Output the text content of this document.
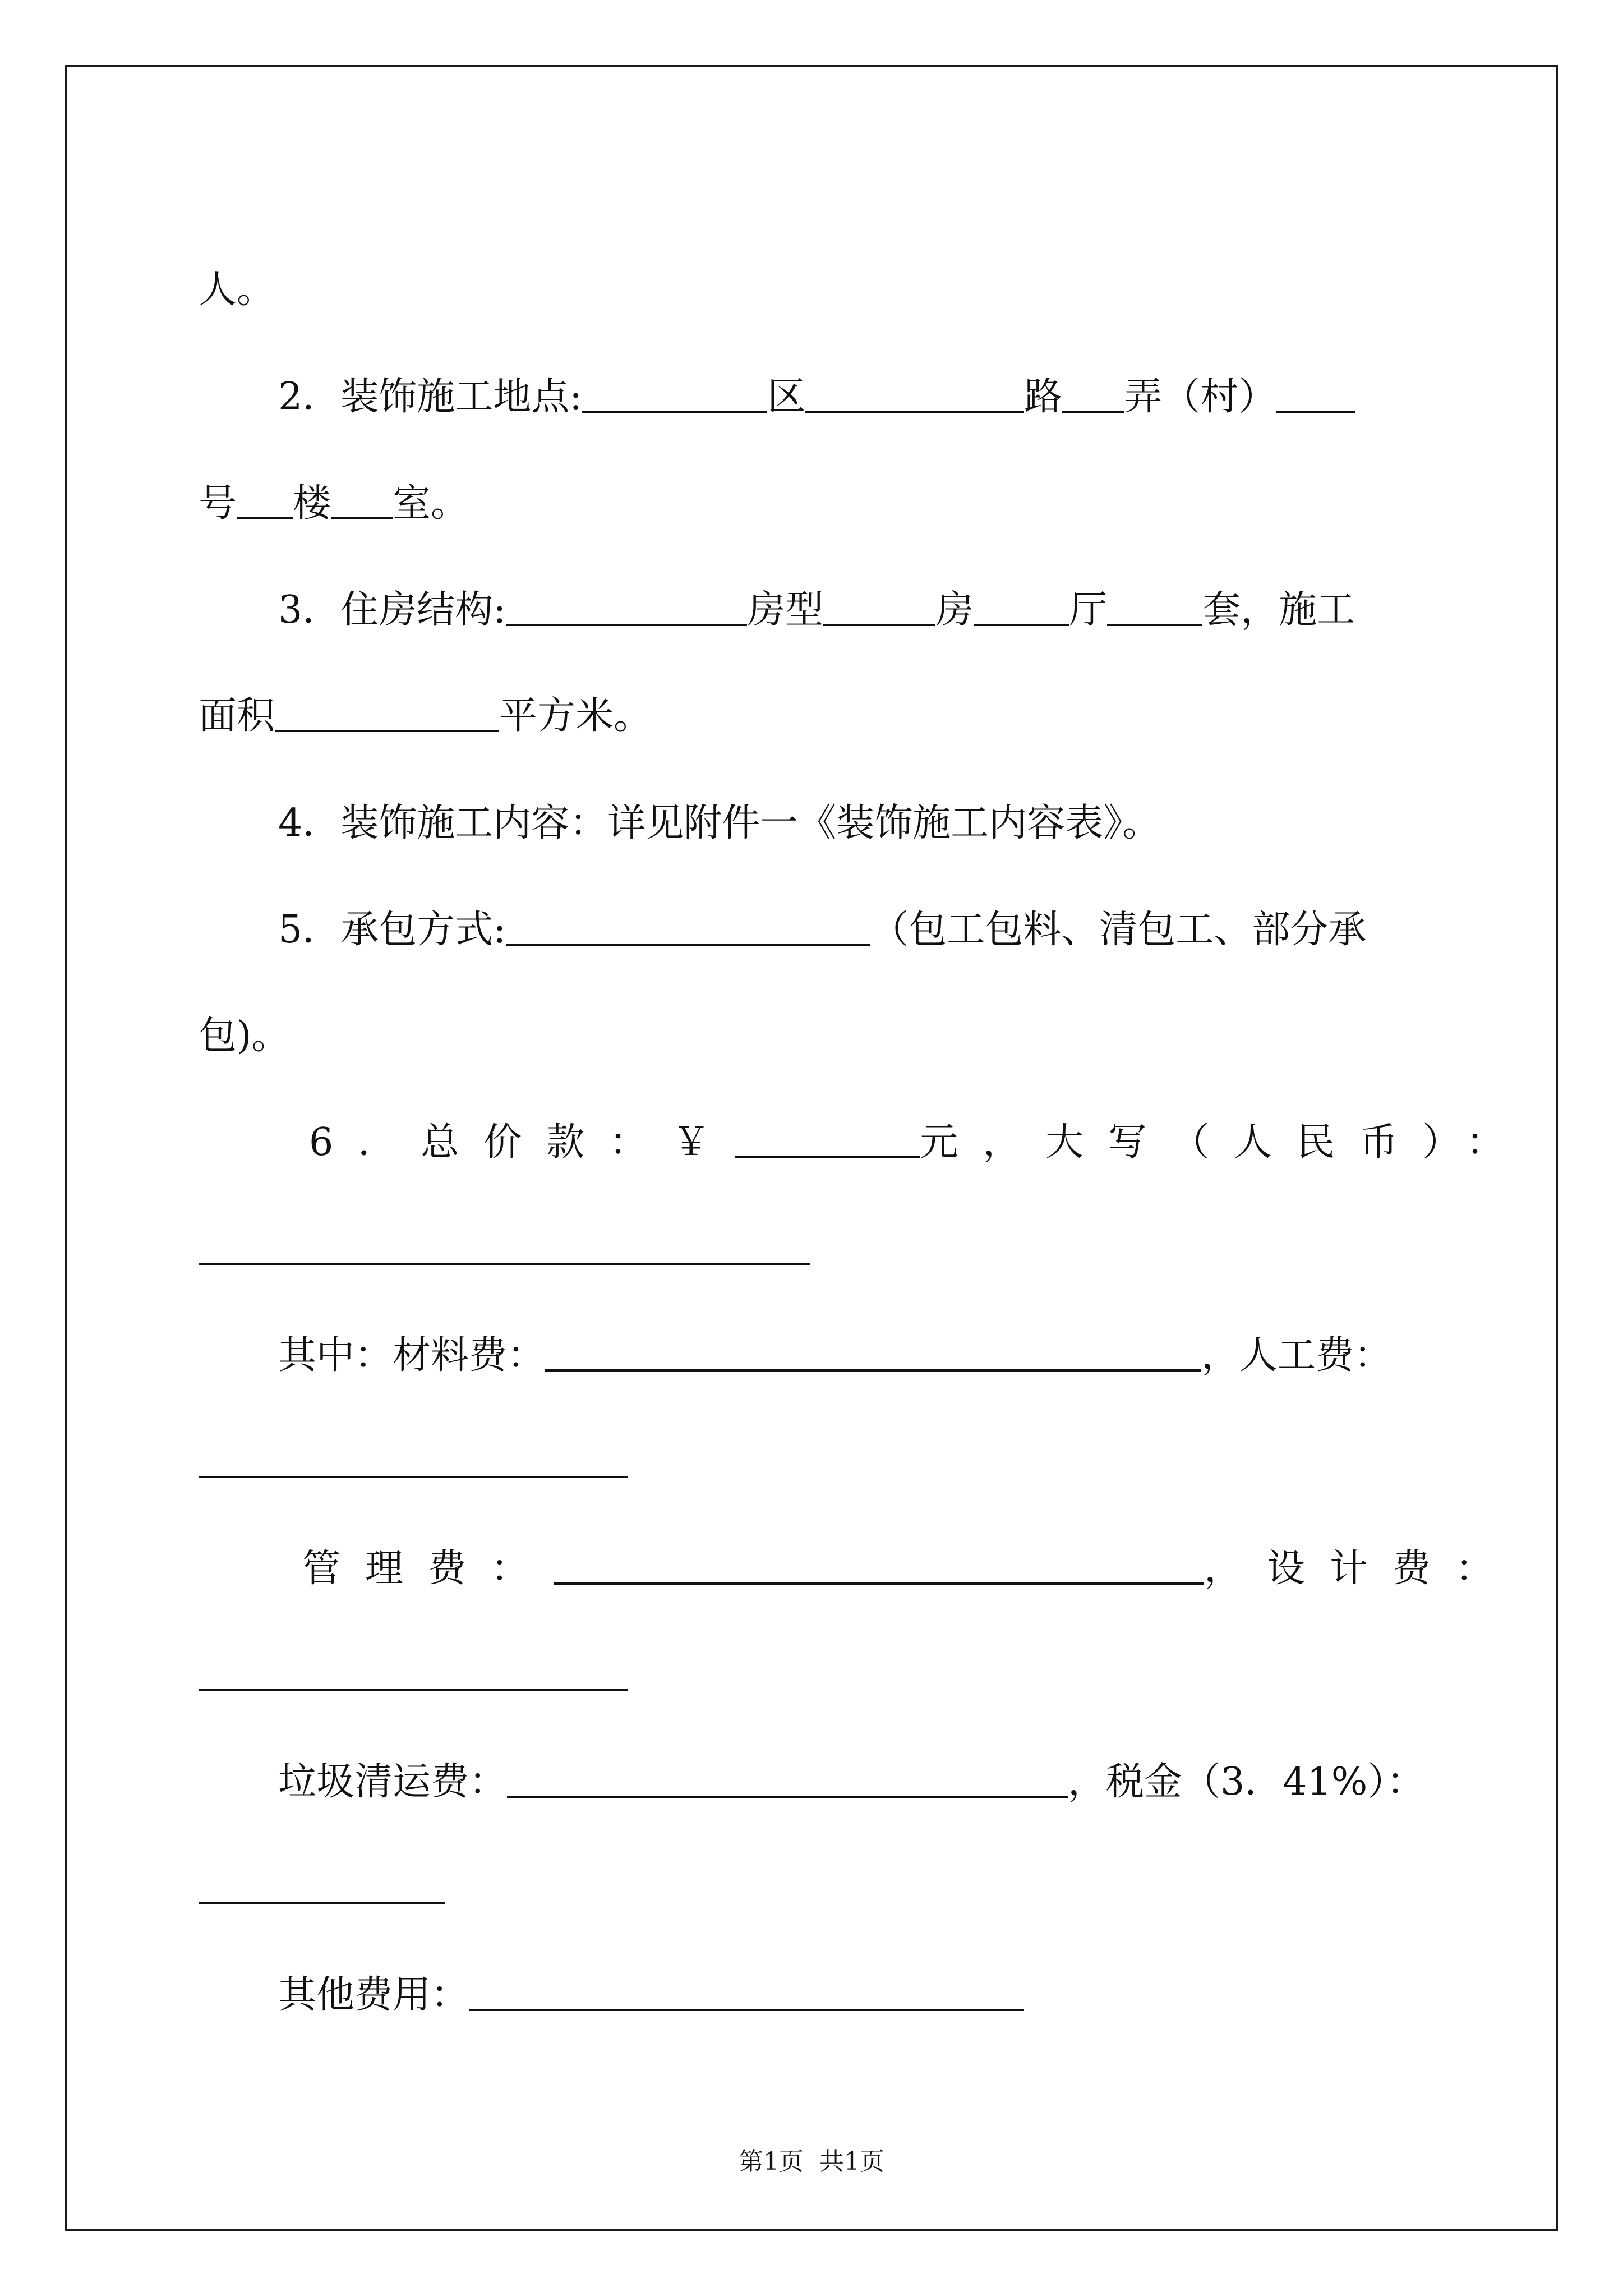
人。
2．装饰施工地点:	区	路 弄（村）
号 楼 室。
3．住房结构:	房型	房	厅	套，施工
面积	平方米。
4．装饰施工内容：详见附件一《装饰施工内容表》。
5．承包方式:	（包工包料、清包工、部分承
包)。
6．总价款：￥	元，大写（人民币）：
其中：材料费：	，人工费：
管理费：	，设计费：
垃圾清运费：	，税金（3．41%）：
其他费用：
第1页 共1页
